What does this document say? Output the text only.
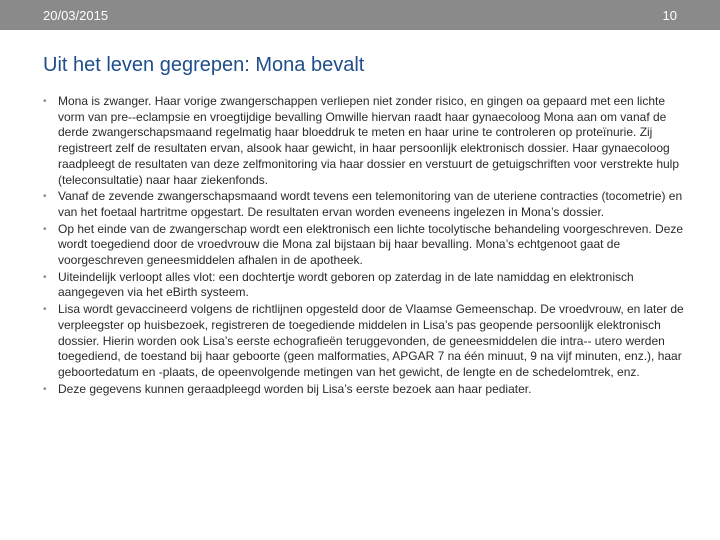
20/03/2015	10
Uit het leven gegrepen: Mona bevalt
• Mona is zwanger. Haar vorige zwangerschappen verliepen niet zonder risico, en gingen oa gepaard met een lichte vorm van pre-‐eclampsie en vroegtijdige bevalling Omwille hiervan raadt haar gynaecoloog Mona aan om vanaf de derde zwangerschapsmaand regelmatig haar bloeddruk te meten en haar urine te controleren op proteïnurie. Zij registreert zelf de resultaten ervan, alsook haar gewicht, in haar persoonlijk elektronisch dossier. Haar gynaecoloog raadpleegt de resultaten van deze zelfmonitoring via haar dossier en verstuurt de getuigschriften voor verstrekte hulp (teleconsultatie) naar haar ziekenfonds.
• Vanaf de zevende zwangerschapsmaand wordt tevens een telemonitoring van de uteriene contracties (tocometrie) en van het foetaal hartritme opgestart. De resultaten ervan worden eveneens ingelezen in Mona’s dossier.
• Op het einde van de zwangerschap wordt een elektronisch een lichte tocolytische behandeling voorgeschreven. Deze wordt toegediend door de vroedvrouw die Mona zal bijstaan bij haar bevalling. Mona’s echtgenoot gaat de voorgeschreven geneesmiddelen afhalen in de apotheek.
• Uiteindelijk verloopt alles vlot: een dochtertje wordt geboren op zaterdag in de late namiddag en elektronisch aangegeven via het eBirth systeem.
• Lisa wordt gevaccineerd volgens de richtlijnen opgesteld door de Vlaamse Gemeenschap. De vroedvrouw, en later de verpleegster op huisbezoek, registreren de toegediende middelen in Lisa’s pas geopende persoonlijk elektronisch dossier. Hierin worden ook Lisa’s eerste echografieën teruggevonden, de geneesmiddelen die intra-‐ utero werden toegediend, de toestand bij haar geboorte (geen malformaties, APGAR 7 na één minuut, 9 na vijf minuten, enz.), haar geboortedatum en -plaats, de opeenvolgende metingen van het gewicht, de lengte en de schedelomtrek, enz.
• Deze gegevens kunnen geraadpleegd worden bij Lisa’s eerste bezoek aan haar pediater.
